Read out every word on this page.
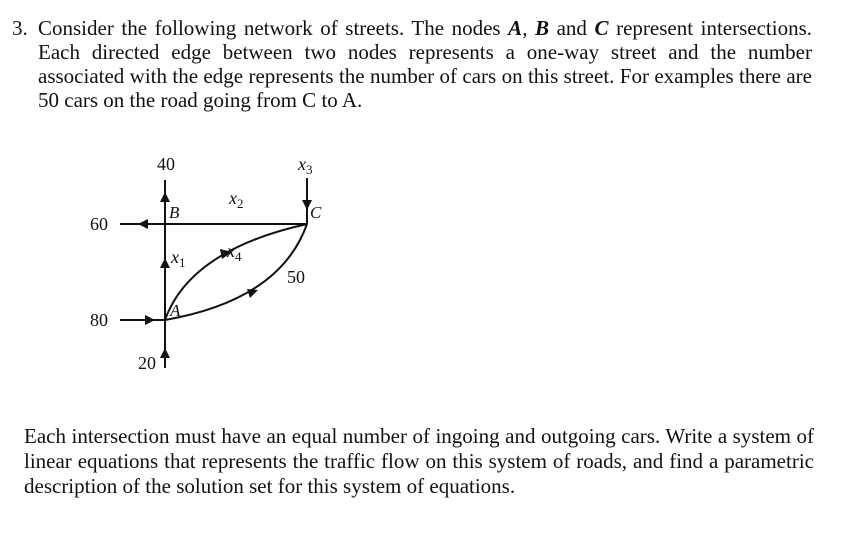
3. Consider the following network of streets. The nodes A, B and C represent intersections. Each directed edge between two nodes represents a one-way street and the number associated with the edge represents the number of cars on this street. For examples there are 50 cars on the road going from C to A.
B	C
A
40	$x_3$
$x_2$
60
$x_1$
$x_4$
50
80
20
Each intersection must have an equal number of ingoing and outgoing cars. Write a system of linear equations that represents the traffic flow on this system of roads, and find a parametric description of the solution set for this system of equations.
